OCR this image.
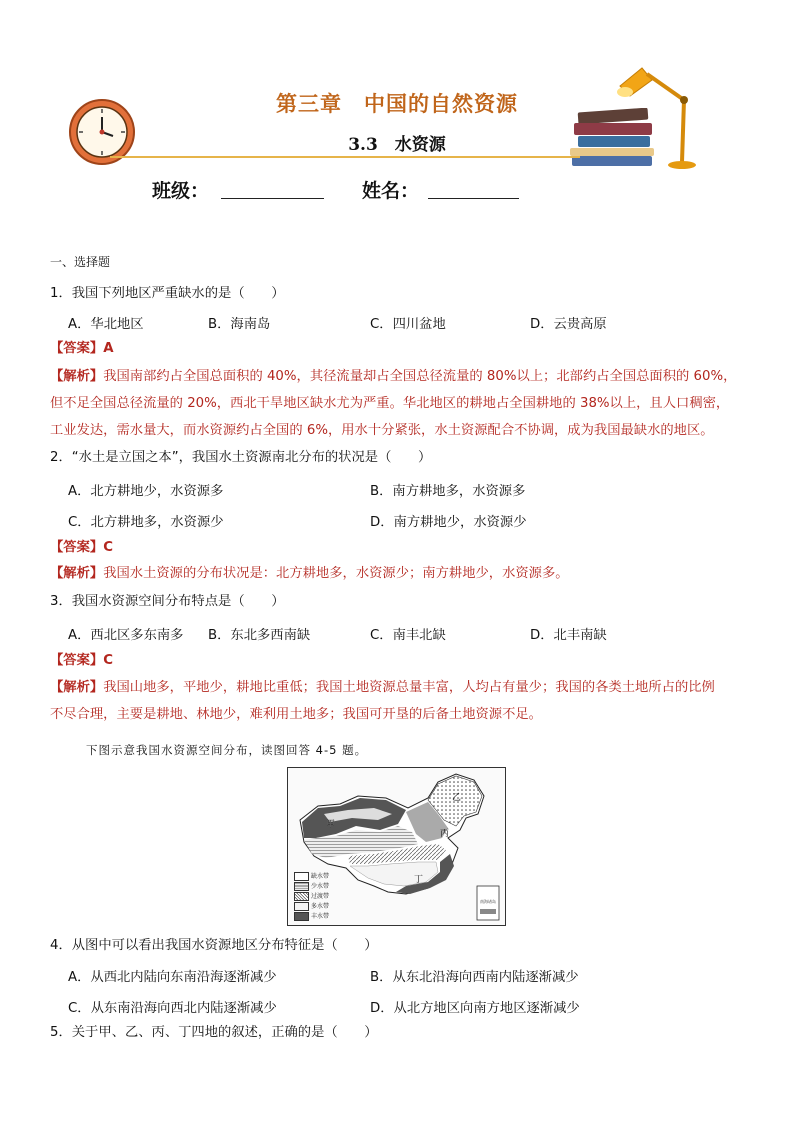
第三章　中国的自然资源
3.3　水资源
班级：	姓名：
一、选择题
1．我国下列地区严重缺水的是（　　）
A．华北地区	B．海南岛	C．四川盆地	D．云贵高原
【答案】A
【解析】我国南部约占全国总面积的 40%，其径流量却占全国总径流量的 80%以上；北部约占全国总面积的 60%，
但不足全国总径流量的 20%，西北干旱地区缺水尤为严重。华北地区的耕地占全国耕地的 38%以上，且人口稠密，
工业发达，需水量大，而水资源约占全国的 6%，用水十分紧张，水土资源配合不协调，成为我国最缺水的地区。
2．“水土是立国之本”，我国水土资源南北分布的状况是（　　）
A．北方耕地少，水资源多	B．南方耕地多，水资源多
C．北方耕地多，水资源少	D．南方耕地少，水资源少
【答案】C
【解析】我国水土资源的分布状况是：北方耕地多，水资源少；南方耕地少，水资源多。
3．我国水资源空间分布特点是（　　）
A．西北区多东南多 B．东北多西南缺	C．南丰北缺	D．北丰南缺
【答案】C
【解析】我国山地多，平地少，耕地比重低；我国土地资源总量丰富，人均占有量少；我国的各类土地所占的比例
不尽合理，主要是耕地、林地少，难利用土地多；我国可开垦的后备土地资源不足。
下图示意我国水资源空间分布，读图回答 4-5 题。
南海诸岛
甲
乙
丙
丁
缺水带
少水带
过渡带
多水带
丰水带
4．从图中可以看出我国水资源地区分布特征是（　　）
A．从西北内陆向东南沿海逐渐减少	B．从东北沿海向西南内陆逐渐减少
C．从东南沿海向西北内陆逐渐减少	D．从北方地区向南方地区逐渐减少
5．关于甲、乙、丙、丁四地的叙述，正确的是（　　）
